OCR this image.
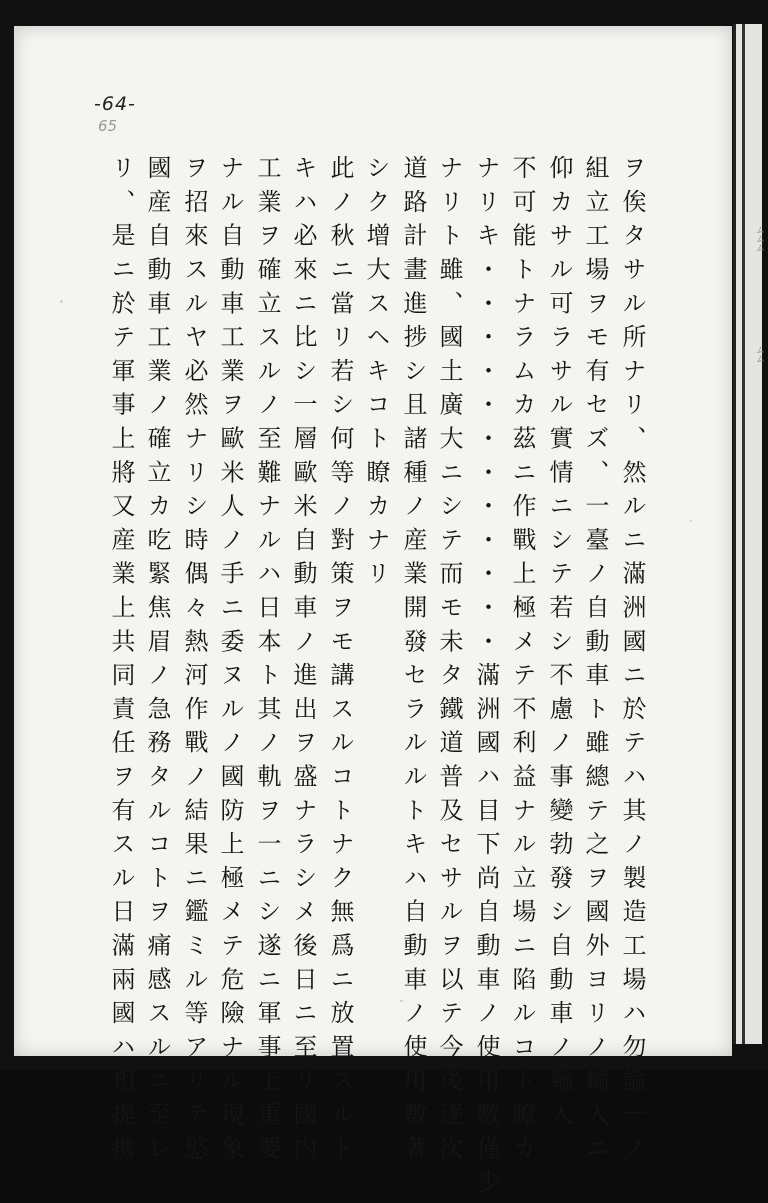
ムムム
ムム
-64-
65
ヲ俟タサル所ナリ、然ルニ滿洲國ニ於テハ其ノ製造工場ハ勿論一ノ
組立工場ヲモ有セズ、一臺ノ自動車ト雖總テ之ヲ國外ヨリノ輸入ニ
仰カサル可ラサル實情ニシテ若シ不慮ノ事變勃發シ自動車ノ輸入
不可能トナラムカ茲ニ作戰上極メテ不利益ナル立場ニ陷ルコト瞭カ
ナリキ・・・・・・・・・・・・滿洲國ハ目下尚自動車ノ使用數僅少
ナリト雖、國土廣大ニシテ而モ未タ鐵道普及セサルヲ以テ今後逐次
道路計畫進捗シ且諸種ノ産業開發セラルルトキハ自動車ノ使用數著
シク增大スヘキコト瞭カナリ
此ノ秋ニ當リ若シ何等ノ對策ヲモ講スルコトナク無爲ニ放置スルト
キハ必來ニ比シ一層歐米自動車ノ進出ヲ盛ナラシメ後日ニ至リ國内
工業ヲ確立スルノ至難ナルハ日本ト其ノ軌ヲ一ニシ遂ニ軍事上重要
ナル自動車工業ヲ歐米人ノ手ニ委ヌルノ國防上極メテ危險ナル現象
ヲ招來スルヤ必然ナリシ時偶々熱河作戰ノ結果ニ鑑ミル等アリテ慾
國産自動車工業ノ確立カ吃緊焦眉ノ急務タルコトヲ痛感スルニ至レ
リ、是ニ於テ軍事上將又産業上共同責任ヲ有スル日滿兩國ハ相提携
